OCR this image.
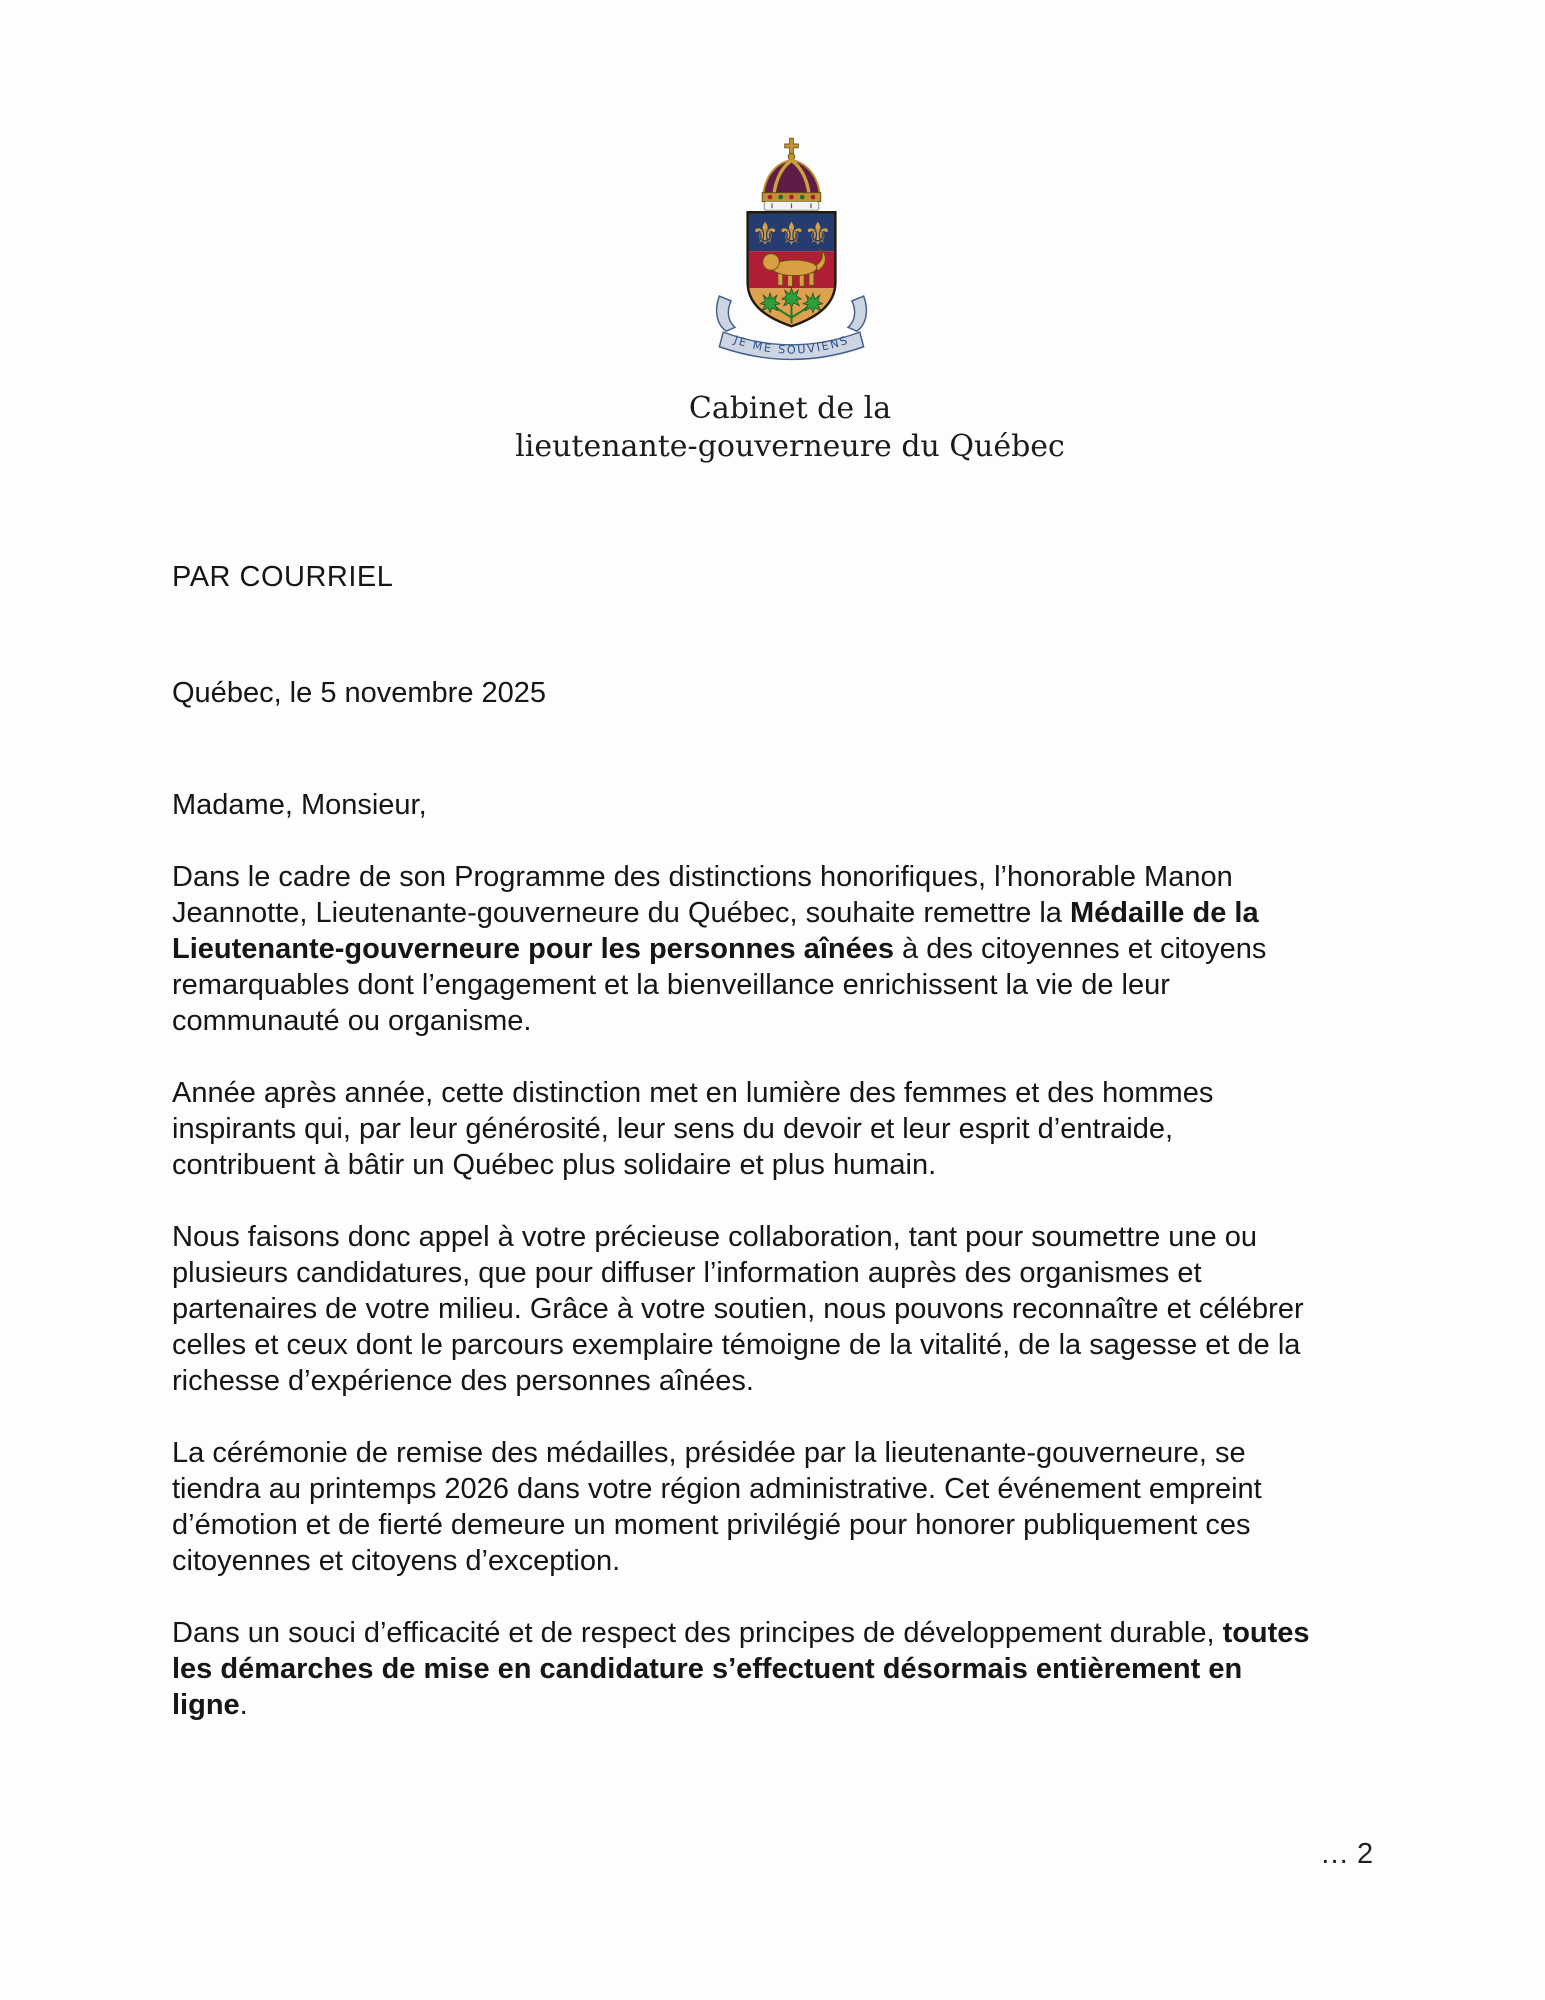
JE ME SOUVIENS
⚜
⚜
⚜
Cabinet de la
lieutenante-gouverneure du Québec
PAR COURRIEL
Québec, le 5 novembre 2025
Madame, Monsieur,
Dans le cadre de son Programme des distinctions honorifiques, l’honorable Manon
Jeannotte, Lieutenante-gouverneure du Québec, souhaite remettre la Médaille de la
Lieutenante-gouverneure pour les personnes aînées à des citoyennes et citoyens
remarquables dont l’engagement et la bienveillance enrichissent la vie de leur
communauté ou organisme.
Année après année, cette distinction met en lumière des femmes et des hommes
inspirants qui, par leur générosité, leur sens du devoir et leur esprit d’entraide,
contribuent à bâtir un Québec plus solidaire et plus humain.
Nous faisons donc appel à votre précieuse collaboration, tant pour soumettre une ou
plusieurs candidatures, que pour diffuser l’information auprès des organismes et
partenaires de votre milieu. Grâce à votre soutien, nous pouvons reconnaître et célébrer
celles et ceux dont le parcours exemplaire témoigne de la vitalité, de la sagesse et de la
richesse d’expérience des personnes aînées.
La cérémonie de remise des médailles, présidée par la lieutenante-gouverneure, se
tiendra au printemps 2026 dans votre région administrative. Cet événement empreint
d’émotion et de fierté demeure un moment privilégié pour honorer publiquement ces
citoyennes et citoyens d’exception.
Dans un souci d’efficacité et de respect des principes de développement durable, toutes
les démarches de mise en candidature s’effectuent désormais entièrement en
ligne.
… 2
